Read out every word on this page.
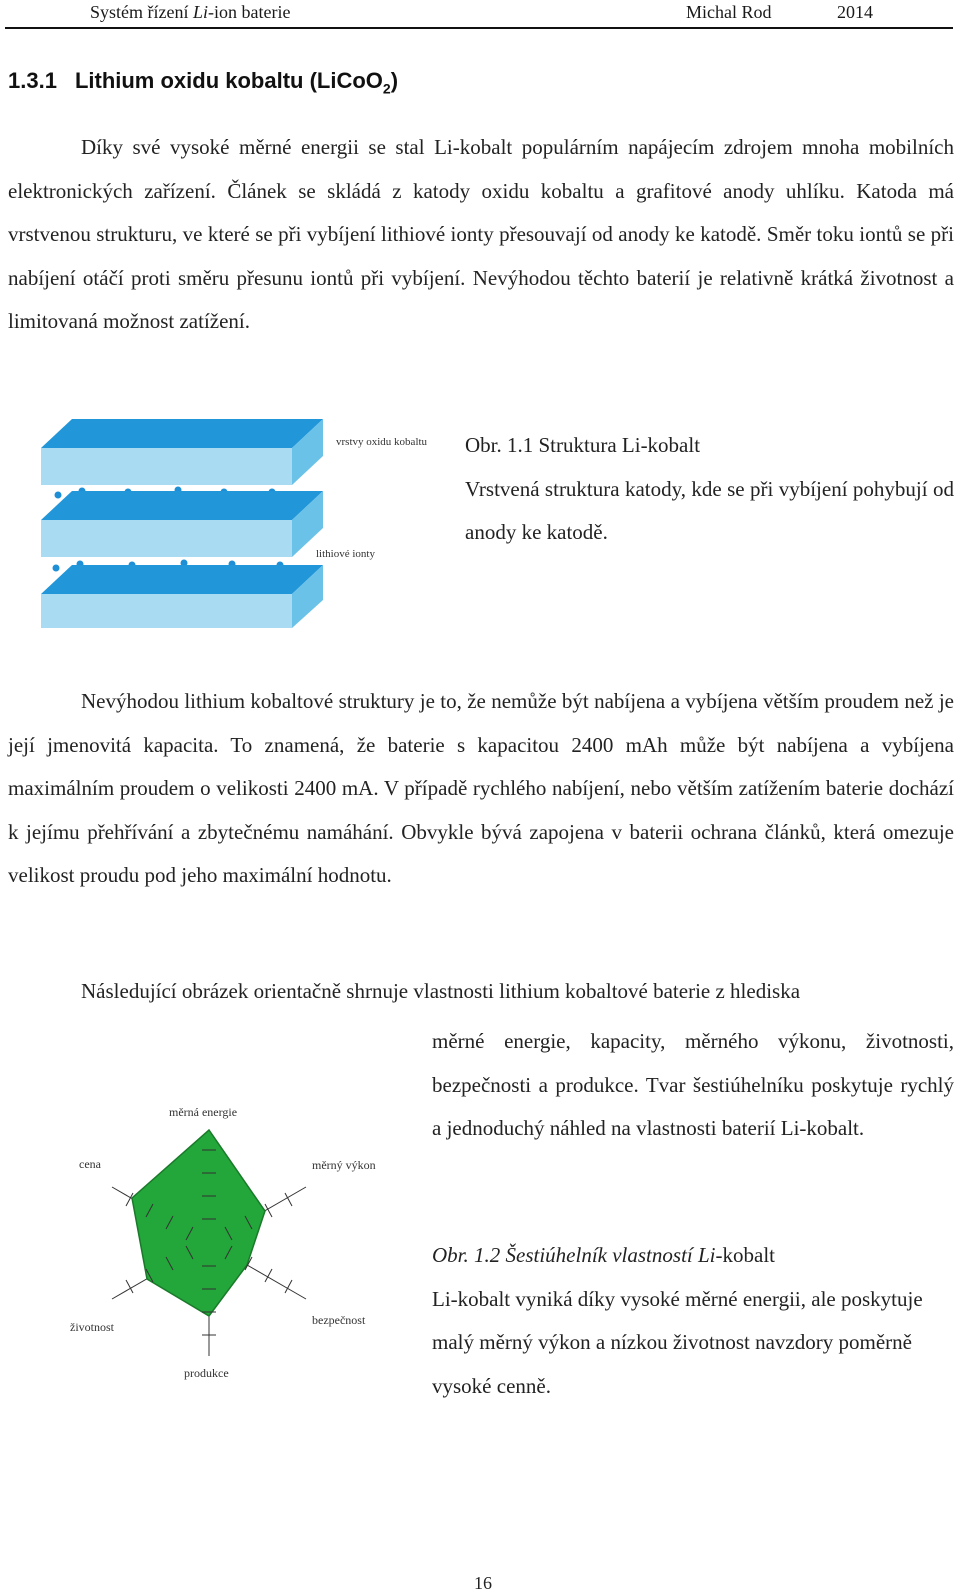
Systém řízení Li-ion baterie	Michal Rod	2014
1.3.1 Lithium oxidu kobaltu (LiCoO$_2$)
Díky své vysoké měrné energii se stal Li-kobalt populárním napájecím zdrojem mnoha mobilních elektronických zařízení. Článek se skládá z katody oxidu kobaltu a grafitové anody uhlíku. Katoda má vrstvenou strukturu, ve které se při vybíjení lithiové ionty přesouvají od anody ke katodě. Směr toku iontů se při nabíjení otáčí proti směru přesunu iontů při vybíjení. Nevýhodou těchto baterií je relativně krátká životnost a limitovaná možnost zatížení.
vrstvy oxidu kobaltu
lithiové ionty
Obr. 1.1 Struktura Li-kobalt
Vrstvená struktura katody, kde se při vybíjení pohybují od anody ke katodě.
Nevýhodou lithium kobaltové struktury je to, že nemůže být nabíjena a vybíjena větším proudem než je její jmenovitá kapacita. To znamená, že baterie s kapacitou 2400 mAh může být nabíjena a vybíjena maximálním proudem o velikosti 2400 mA. V případě rychlého nabíjení, nebo větším zatížením baterie dochází k jejímu přehřívání a zbytečnému namáhání. Obvykle bývá zapojena v baterii ochrana článků, která omezuje velikost proudu pod jeho maximální hodnotu.
Následující obrázek orientačně shrnuje vlastnosti lithium kobaltové baterie z hlediska
měrné energie, kapacity, měrného výkonu, životnosti, bezpečnosti a produkce. Tvar šestiúhelníku poskytuje rychlý a jednoduchý náhled na vlastnosti baterií Li-kobalt.
měrná energie
měrný výkon
bezpečnost
produkce
životnost
cena
Obr. 1.2 Šestiúhelník vlastností Li-kobalt
Li-kobalt vyniká díky vysoké měrné energii, ale poskytuje malý měrný výkon a nízkou životnost navzdory poměrně vysoké cenně.
16
